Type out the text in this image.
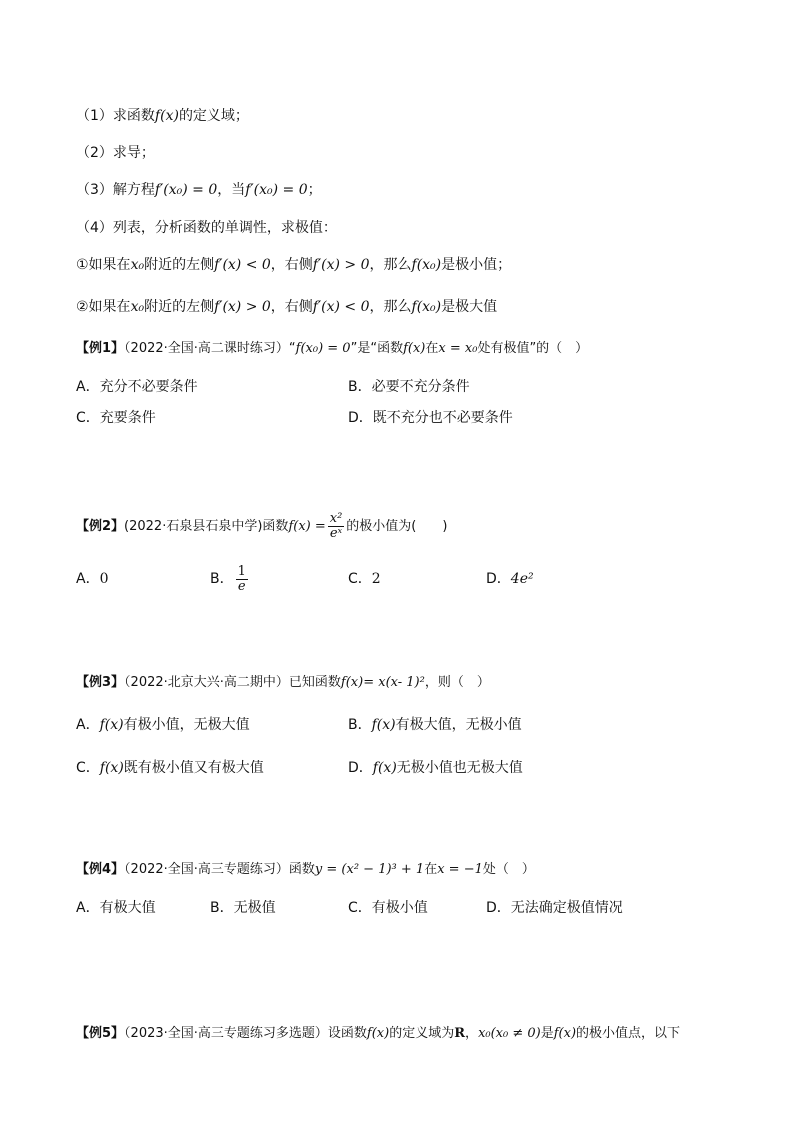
（1）求函数f(x)的定义域；
（2）求导；
（3）解方程f′(x₀) = 0，当f′(x₀) = 0；
（4）列表，分析函数的单调性，求极值：
①如果在x₀附近的左侧f′(x) < 0，右侧f′(x) > 0，那么f(x₀)是极小值；
②如果在x₀附近的左侧f′(x) > 0，右侧f′(x) < 0，那么f(x₀)是极大值
【例1】（2022·全国·高二课时练习）“f(x₀) = 0”是“函数f(x)在x = x₀处有极值”的（　）
A．充分不必要条件	B．必要不充分条件
C．充要条件	D．既不充分也不必要条件
【例2】(2022·石泉县石泉中学)函数$f(x) = \frac{\text{x²}}{\text{eˣ}}$ 的极小值为(　　)
A．0	B． $\frac{1}{e}$	C．2	D．4e²
【例3】（2022·北京大兴·高二期中）已知函数f(x)= x(x- 1)²，则（　）
A．f(x)有极小值，无极大值	B．f(x)有极大值，无极小值
C．f(x)既有极小值又有极大值	D．f(x)无极小值也无极大值
【例4】（2022·全国·高三专题练习）函数y = (x² − 1)³ + 1在x = −1处（　）
A．有极大值	B．无极值	C．有极小值	D．无法确定极值情况
【例5】（2023·全国·高三专题练习多选题）设函数f(x)的定义域为R，x₀(x₀ ≠ 0)是f(x)的极小值点，以下
